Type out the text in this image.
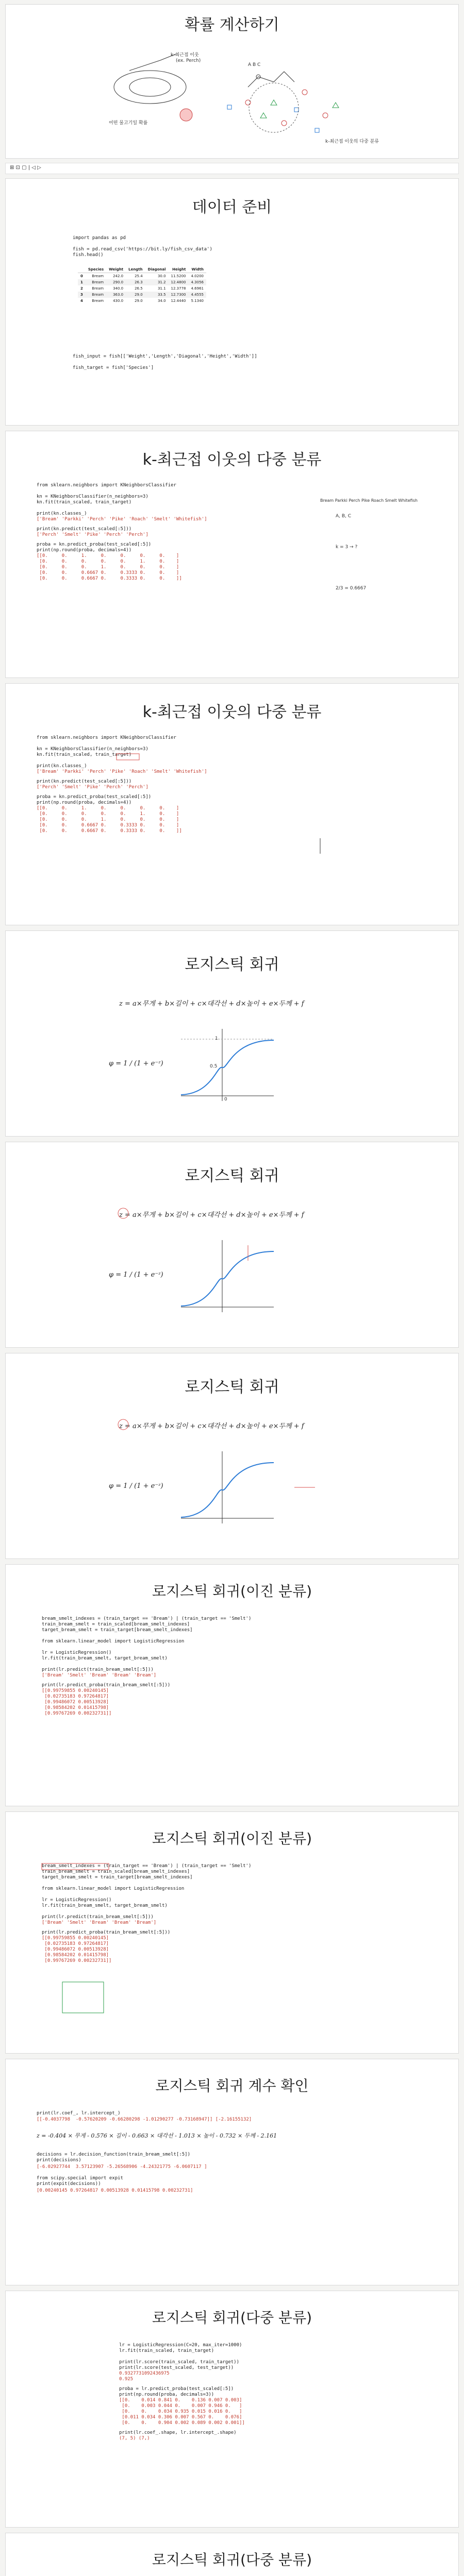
확률 계산하기
k-최근접 이웃
(ex. Perch)
어떤 물고기일 확률
k-최근접 이웃의 다중 분류
A B C
⊞ ⊡ ▢ | ◁ ▷
데이터 준비
import pandas as pd

fish = pd.read_csv('https://bit.ly/fish_csv_data')
fish.head()
	Species	Weight	Length	Diagonal	Height	Width
0	Bream	242.0	25.4	30.0	11.5200	4.0200
1	Bream	290.0	26.3	31.2	12.4800	4.3056
2	Bream	340.0	26.5	31.1	12.3778	4.6961
3	Bream	363.0	29.0	33.5	12.7300	4.4555
4	Bream	430.0	29.0	34.0	12.4440	5.1340
fish_input = fish[['Weight','Length','Diagonal','Height','Width']]

fish_target = fish['Species']
k-최근접 이웃의 다중 분류
from sklearn.neighbors import KNeighborsClassifier

kn = KNeighborsClassifier(n_neighbors=3)
kn.fit(train_scaled, train_target)

print(kn.classes_)
['Bream' 'Parkki' 'Perch' 'Pike' 'Roach' 'Smelt' 'Whitefish']
print(kn.predict(test_scaled[:5]))
['Perch' 'Smelt' 'Pike' 'Perch' 'Perch']
proba = kn.predict_proba(test_scaled[:5])
print(np.round(proba, decimals=4))
[[0.     0.     1.     0.     0.     0.     0.    ]
[0.     0.     0.     0.     0.     1.     0.    ]
[0.     0.     0.     1.     0.     0.     0.    ]
[0.     0.     0.6667 0.     0.3333 0.     0.    ]
[0.     0.     0.6667 0.     0.3333 0.     0.    ]]
Bream Parkki Perch Pike Roach Smelt Whitefish
A, B, C
k = 3 → ?
2/3 = 0.6667
k-최근접 이웃의 다중 분류
from sklearn.neighbors import KNeighborsClassifier

kn = KNeighborsClassifier(n_neighbors=3)
kn.fit(train_scaled, train_target)

print(kn.classes_)
['Bream' 'Parkki' 'Perch' 'Pike' 'Roach' 'Smelt' 'Whitefish']
print(kn.predict(test_scaled[:5]))
['Perch' 'Smelt' 'Pike' 'Perch' 'Perch']
proba = kn.predict_proba(test_scaled[:5])
print(np.round(proba, decimals=4))
[[0.     0.     1.     0.     0.     0.     0.    ]
[0.     0.     0.     0.     0.     1.     0.    ]
[0.     0.     0.     1.     0.     0.     0.    ]
[0.     0.     0.6667 0.     0.3333 0.     0.    ]
[0.     0.     0.6667 0.     0.3333 0.     0.    ]]
로지스틱 회귀
z = a×무게 + b×길이 + c×대각선 + d×높이 + e×두께 + f
φ = 1 / (1 + e⁻ᶻ)
0
0.5
1
로지스틱 회귀
z = a×무게 + b×길이 + c×대각선 + d×높이 + e×두께 + f
φ = 1 / (1 + e⁻ᶻ)
로지스틱 회귀
z = a×무게 + b×길이 + c×대각선 + d×높이 + e×두께 + f
φ = 1 / (1 + e⁻ᶻ)
로지스틱 회귀(이진 분류)
bream_smelt_indexes = (train_target == 'Bream') | (train_target == 'Smelt')
train_bream_smelt = train_scaled[bream_smelt_indexes]
target_bream_smelt = train_target[bream_smelt_indexes]

from sklearn.linear_model import LogisticRegression

lr = LogisticRegression()
lr.fit(train_bream_smelt, target_bream_smelt)

print(lr.predict(train_bream_smelt[:5]))
['Bream' 'Smelt' 'Bream' 'Bream' 'Bream']
print(lr.predict_proba(train_bream_smelt[:5]))
[[0.99759855 0.00240145]
[0.02735183 0.97264817]
[0.99486072 0.00513928]
[0.98584202 0.01415798]
[0.99767269 0.00232731]]
로지스틱 회귀(이진 분류)
bream_smelt_indexes = (train_target == 'Bream') | (train_target == 'Smelt')
train_bream_smelt = train_scaled[bream_smelt_indexes]
target_bream_smelt = train_target[bream_smelt_indexes]

from sklearn.linear_model import LogisticRegression

lr = LogisticRegression()
lr.fit(train_bream_smelt, target_bream_smelt)

print(lr.predict(train_bream_smelt[:5]))
['Bream' 'Smelt' 'Bream' 'Bream' 'Bream']
print(lr.predict_proba(train_bream_smelt[:5]))
[[0.99759855 0.00240145]
[0.02735183 0.97264817]
[0.99486072 0.00513928]
[0.98584202 0.01415798]
[0.99767269 0.00232731]]
로지스틱 회귀 계수 확인
print(lr.coef_, lr.intercept_)
[[-0.4037798  -0.57620209 -0.66280298 -1.01290277 -0.73168947]] [-2.16155132]
z = -0.404 × 무게 - 0.576 × 길이 - 0.663 × 대각선 - 1.013 × 높이 - 0.732 × 두께 - 2.161
decisions = lr.decision_function(train_bream_smelt[:5])
print(decisions)
[-6.02927744  3.57123907 -5.26568906 -4.24321775 -6.0607117 ]
from scipy.special import expit
print(expit(decisions))
[0.00240145 0.97264817 0.00513928 0.01415798 0.00232731]
로지스틱 회귀(다중 분류)
lr = LogisticRegression(C=20, max_iter=1000)
lr.fit(train_scaled, train_target)

print(lr.score(train_scaled, train_target))
print(lr.score(test_scaled, test_target))
0.9327731092436975
0.925
proba = lr.predict_proba(test_scaled[:5])
print(np.round(proba, decimals=3))
[[0.    0.014 0.841 0.    0.136 0.007 0.003]
[0.    0.003 0.044 0.    0.007 0.946 0.   ]
[0.    0.    0.034 0.935 0.015 0.016 0.   ]
[0.011 0.034 0.306 0.007 0.567 0.    0.076]
[0.    0.    0.904 0.002 0.089 0.002 0.001]]
print(lr.coef_.shape, lr.intercept_.shape)
(7, 5) (7,)
로지스틱 회귀(다중 분류)
